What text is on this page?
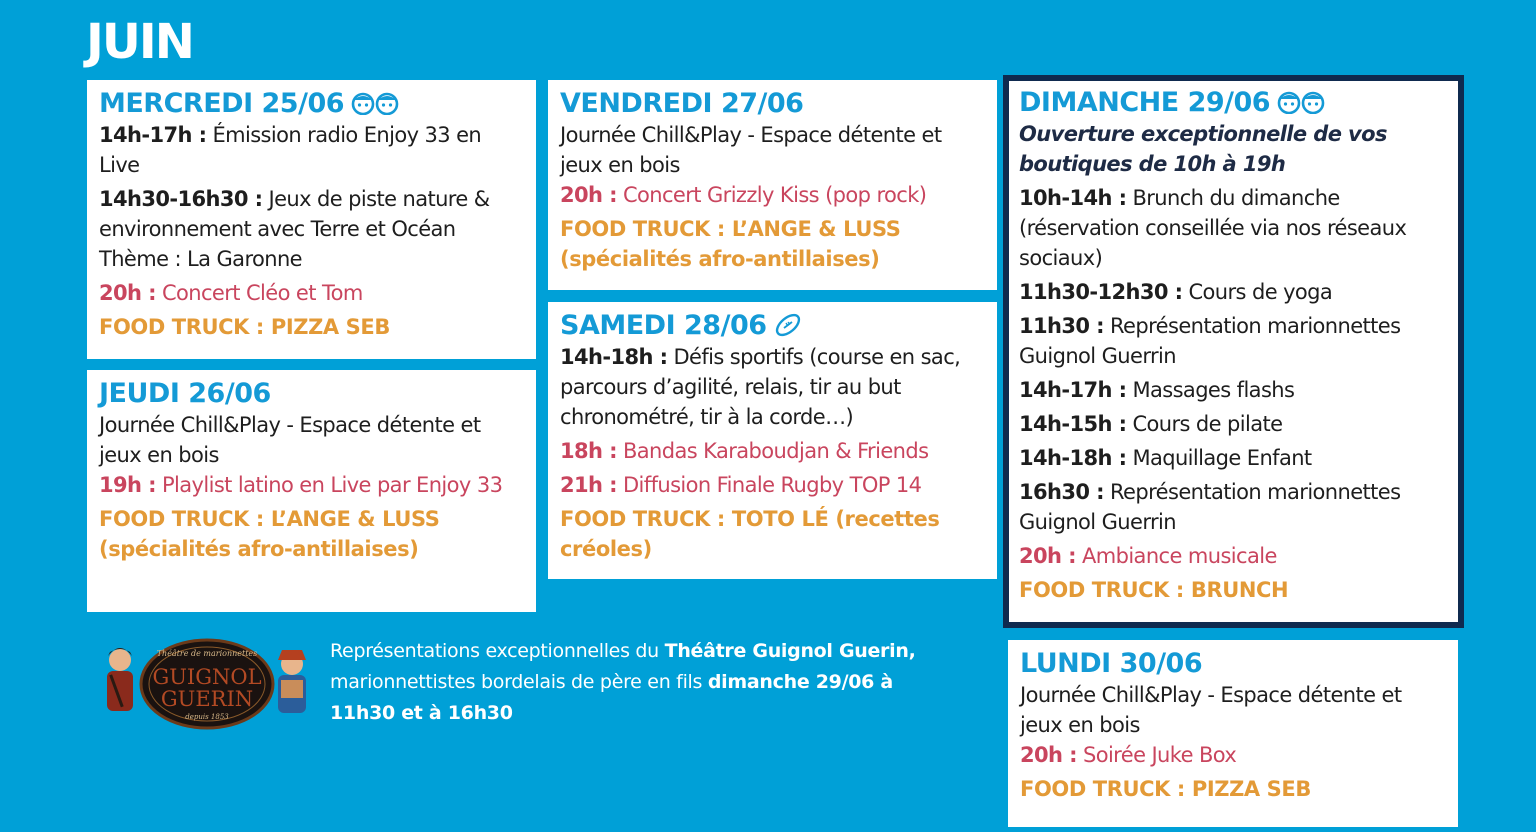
JUIN
MERCREDI 25/06
14h-17h : Émission radio Enjoy 33 en Live
14h30-16h30 : Jeux de piste nature & environnement avec Terre et Océan Thème : La Garonne
20h : Concert Cléo et Tom
FOOD TRUCK : PIZZA SEB
JEUDI 26/06
Journée Chill&Play - Espace détente et jeux en bois
19h : Playlist latino en Live par Enjoy 33
FOOD TRUCK : L’ANGE & LUSS (spécialités afro-antillaises)
VENDREDI 27/06
Journée Chill&Play - Espace détente et jeux en bois
20h : Concert Grizzly Kiss (pop rock)
FOOD TRUCK : L’ANGE & LUSS (spécialités afro-antillaises)
SAMEDI 28/06
14h-18h : Défis sportifs (course en sac, parcours d’agilité, relais, tir au but chronométré, tir à la corde…)
18h : Bandas Karaboudjan & Friends
21h : Diffusion Finale Rugby TOP 14
FOOD TRUCK : TOTO LÉ (recettes créoles)
DIMANCHE 29/06
Ouverture exceptionnelle de vos boutiques de 10h à 19h
10h-14h : Brunch du dimanche (réservation conseillée via nos réseaux sociaux)
11h30-12h30 : Cours de yoga
11h30 : Représentation marionnettes Guignol Guerrin
14h-17h : Massages flashs
14h-15h : Cours de pilate
14h-18h : Maquillage Enfant
16h30 : Représentation marionnettes Guignol Guerrin
20h : Ambiance musicale
FOOD TRUCK : BRUNCH
LUNDI 30/06
Journée Chill&Play - Espace détente et jeux en bois
20h : Soirée Juke Box
FOOD TRUCK : PIZZA SEB
Théâtre de marionnettes
GUIGNOL
GUERIN
depuis 1853
Représentations exceptionnelles du Théâtre Guignol Guerin, marionnettistes bordelais de père en fils dimanche 29/06 à 11h30 et à 16h30
